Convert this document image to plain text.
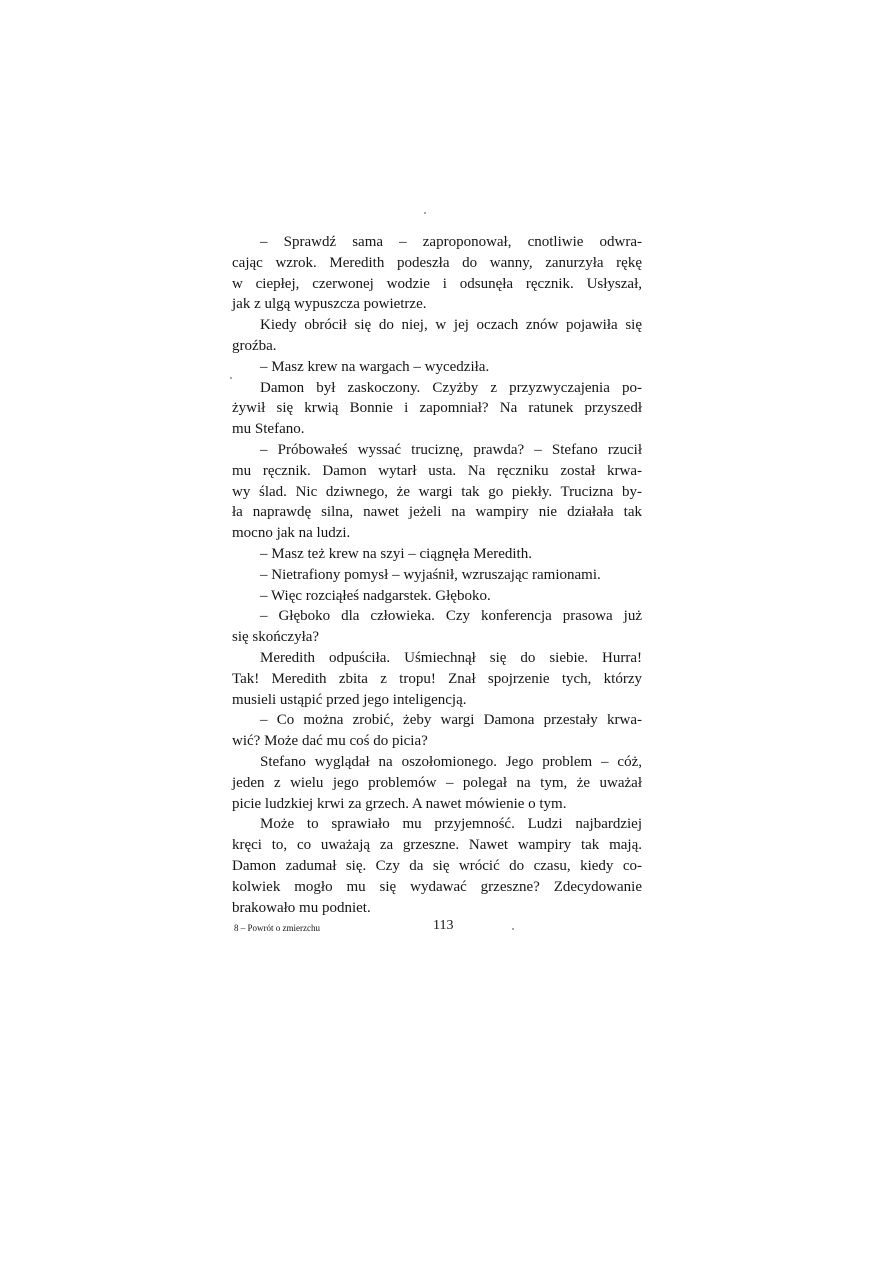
– Sprawdź sama – zaproponował, cnotliwie odwra-
cając wzrok. Meredith podeszła do wanny, zanurzyła rękę
w ciepłej, czerwonej wodzie i odsunęła ręcznik. Usłyszał,
jak z ulgą wypuszcza powietrze.
Kiedy obrócił się do niej, w jej oczach znów pojawiła się
groźba.
– Masz krew na wargach – wycedziła.
Damon był zaskoczony. Czyżby z przyzwyczajenia po-
żywił się krwią Bonnie i zapomniał? Na ratunek przyszedł
mu Stefano.
– Próbowałeś wyssać truciznę, prawda? – Stefano rzucił
mu ręcznik. Damon wytarł usta. Na ręczniku został krwa-
wy ślad. Nic dziwnego, że wargi tak go piekły. Trucizna by-
ła naprawdę silna, nawet jeżeli na wampiry nie działała tak
mocno jak na ludzi.
– Masz też krew na szyi – ciągnęła Meredith.
– Nietrafiony pomysł – wyjaśnił, wzruszając ramionami.
– Więc rozciąłeś nadgarstek. Głęboko.
– Głęboko dla człowieka. Czy konferencja prasowa już
się skończyła?
Meredith odpuściła. Uśmiechnął się do siebie. Hurra!
Tak! Meredith zbita z tropu! Znał spojrzenie tych, którzy
musieli ustąpić przed jego inteligencją.
– Co można zrobić, żeby wargi Damona przestały krwa-
wić? Może dać mu coś do picia?
Stefano wyglądał na oszołomionego. Jego problem – cóż,
jeden z wielu jego problemów – polegał na tym, że uważał
picie ludzkiej krwi za grzech. A nawet mówienie o tym.
Może to sprawiało mu przyjemność. Ludzi najbardziej
kręci to, co uważają za grzeszne. Nawet wampiry tak mają.
Damon zadumał się. Czy da się wrócić do czasu, kiedy co-
kolwiek mogło mu się wydawać grzeszne? Zdecydowanie
brakowało mu podniet.
8 – Powrót o zmierzchu	113
